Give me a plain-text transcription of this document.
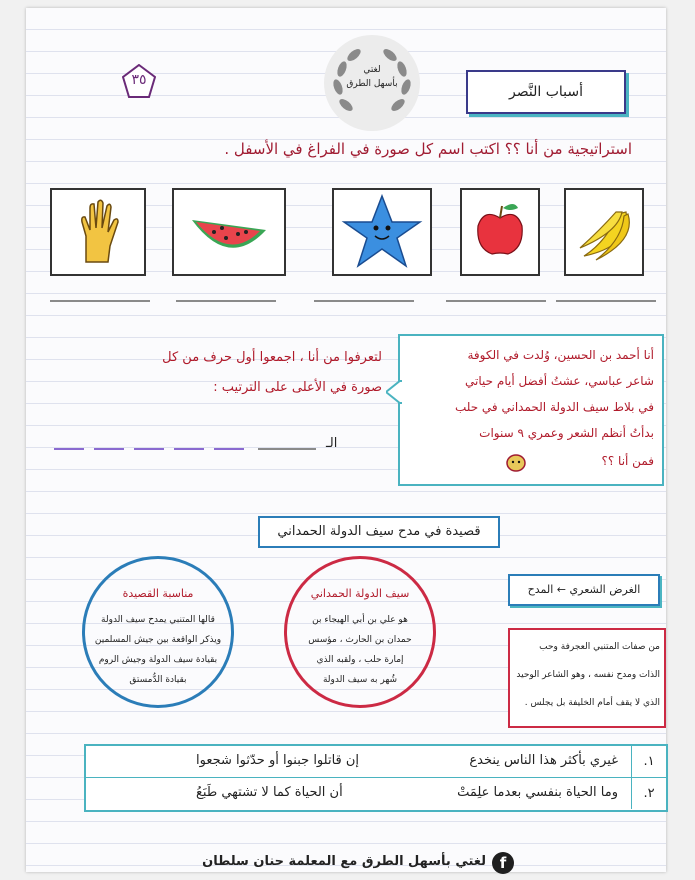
٣٥
لغتي
بأسهل الطرق	أسباب النَّصر
استراتيجية من أنا ؟؟ اكتب اسم كل صورة في الفراغ في الأسفل .
أنا أحمد بن الحسين، وُلدت في الكوفة
شاعر عباسي، عشتُ أفضل أيام حياتي
في بلاط سيف الدولة الحمداني في حلب
بدأتُ أنظم الشعر وعمري ٩ سنوات
فمن أنا ؟؟
لتعرفوا من أنا ، اجمعوا أول حرف من كل
صورة في الأعلى على الترتيب :
الـ
قصيدة في مدح سيف الدولة الحمداني
مناسبة القصيدة
قالها المتنبي يمدح سيف الدولة
ويذكر الواقعة بين جيش المسلمين
بقيادة سيف الدولة وجيش الروم
بقيادة الدُّمستق
سيف الدولة الحمداني
هو علي بن أبي الهيجاء بن
حمدان بن الحارث ، مؤسس
إمارة حلب ، ولقبه الذي
شُهر به سيف الدولة
الغرض الشعري ← المدح
من صفات المتنبي العجرفة وحب
الذات ومدح نفسه ، وهو الشاعر الوحيد
الذي لا يقف أمام الخليفة بل يجلس .
١.
غيري بأكثر هذا الناس ينخدع
إن قاتلوا جبنوا أو حدّثوا شجعوا
٢.
وما الحياة بنفسي بعدما علِمَتْ
أن الحياة كما لا تشتهي طَبَعُ
f
لغتي بأسهل الطرق مع المعلمة حنان سلطان
